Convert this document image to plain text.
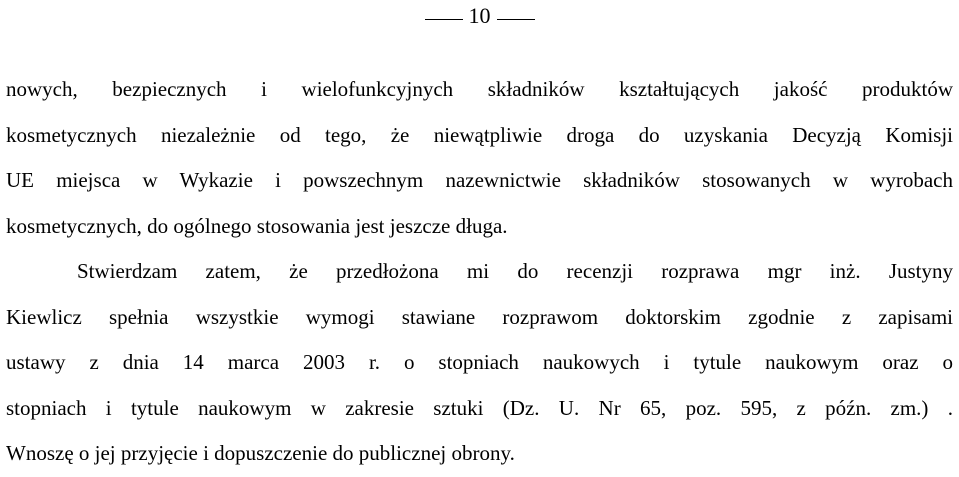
10
nowych, bezpiecznych i wielofunkcyjnych składników kształtujących jakość produktów
kosmetycznych niezależnie od tego, że niewątpliwie droga do uzyskania Decyzją Komisji
UE miejsca w Wykazie i powszechnym nazewnictwie składników stosowanych w wyrobach
kosmetycznych, do ogólnego stosowania jest jeszcze długa.
Stwierdzam zatem, że przedłożona mi do recenzji rozprawa mgr inż. Justyny
Kiewlicz spełnia wszystkie wymogi stawiane rozprawom doktorskim zgodnie z zapisami
ustawy z dnia 14 marca 2003 r. o stopniach naukowych i tytule naukowym oraz o
stopniach i tytule naukowym w zakresie sztuki (Dz. U. Nr 65, poz. 595, z późn. zm.) .
Wnoszę o jej przyjęcie i dopuszczenie do publicznej obrony.
